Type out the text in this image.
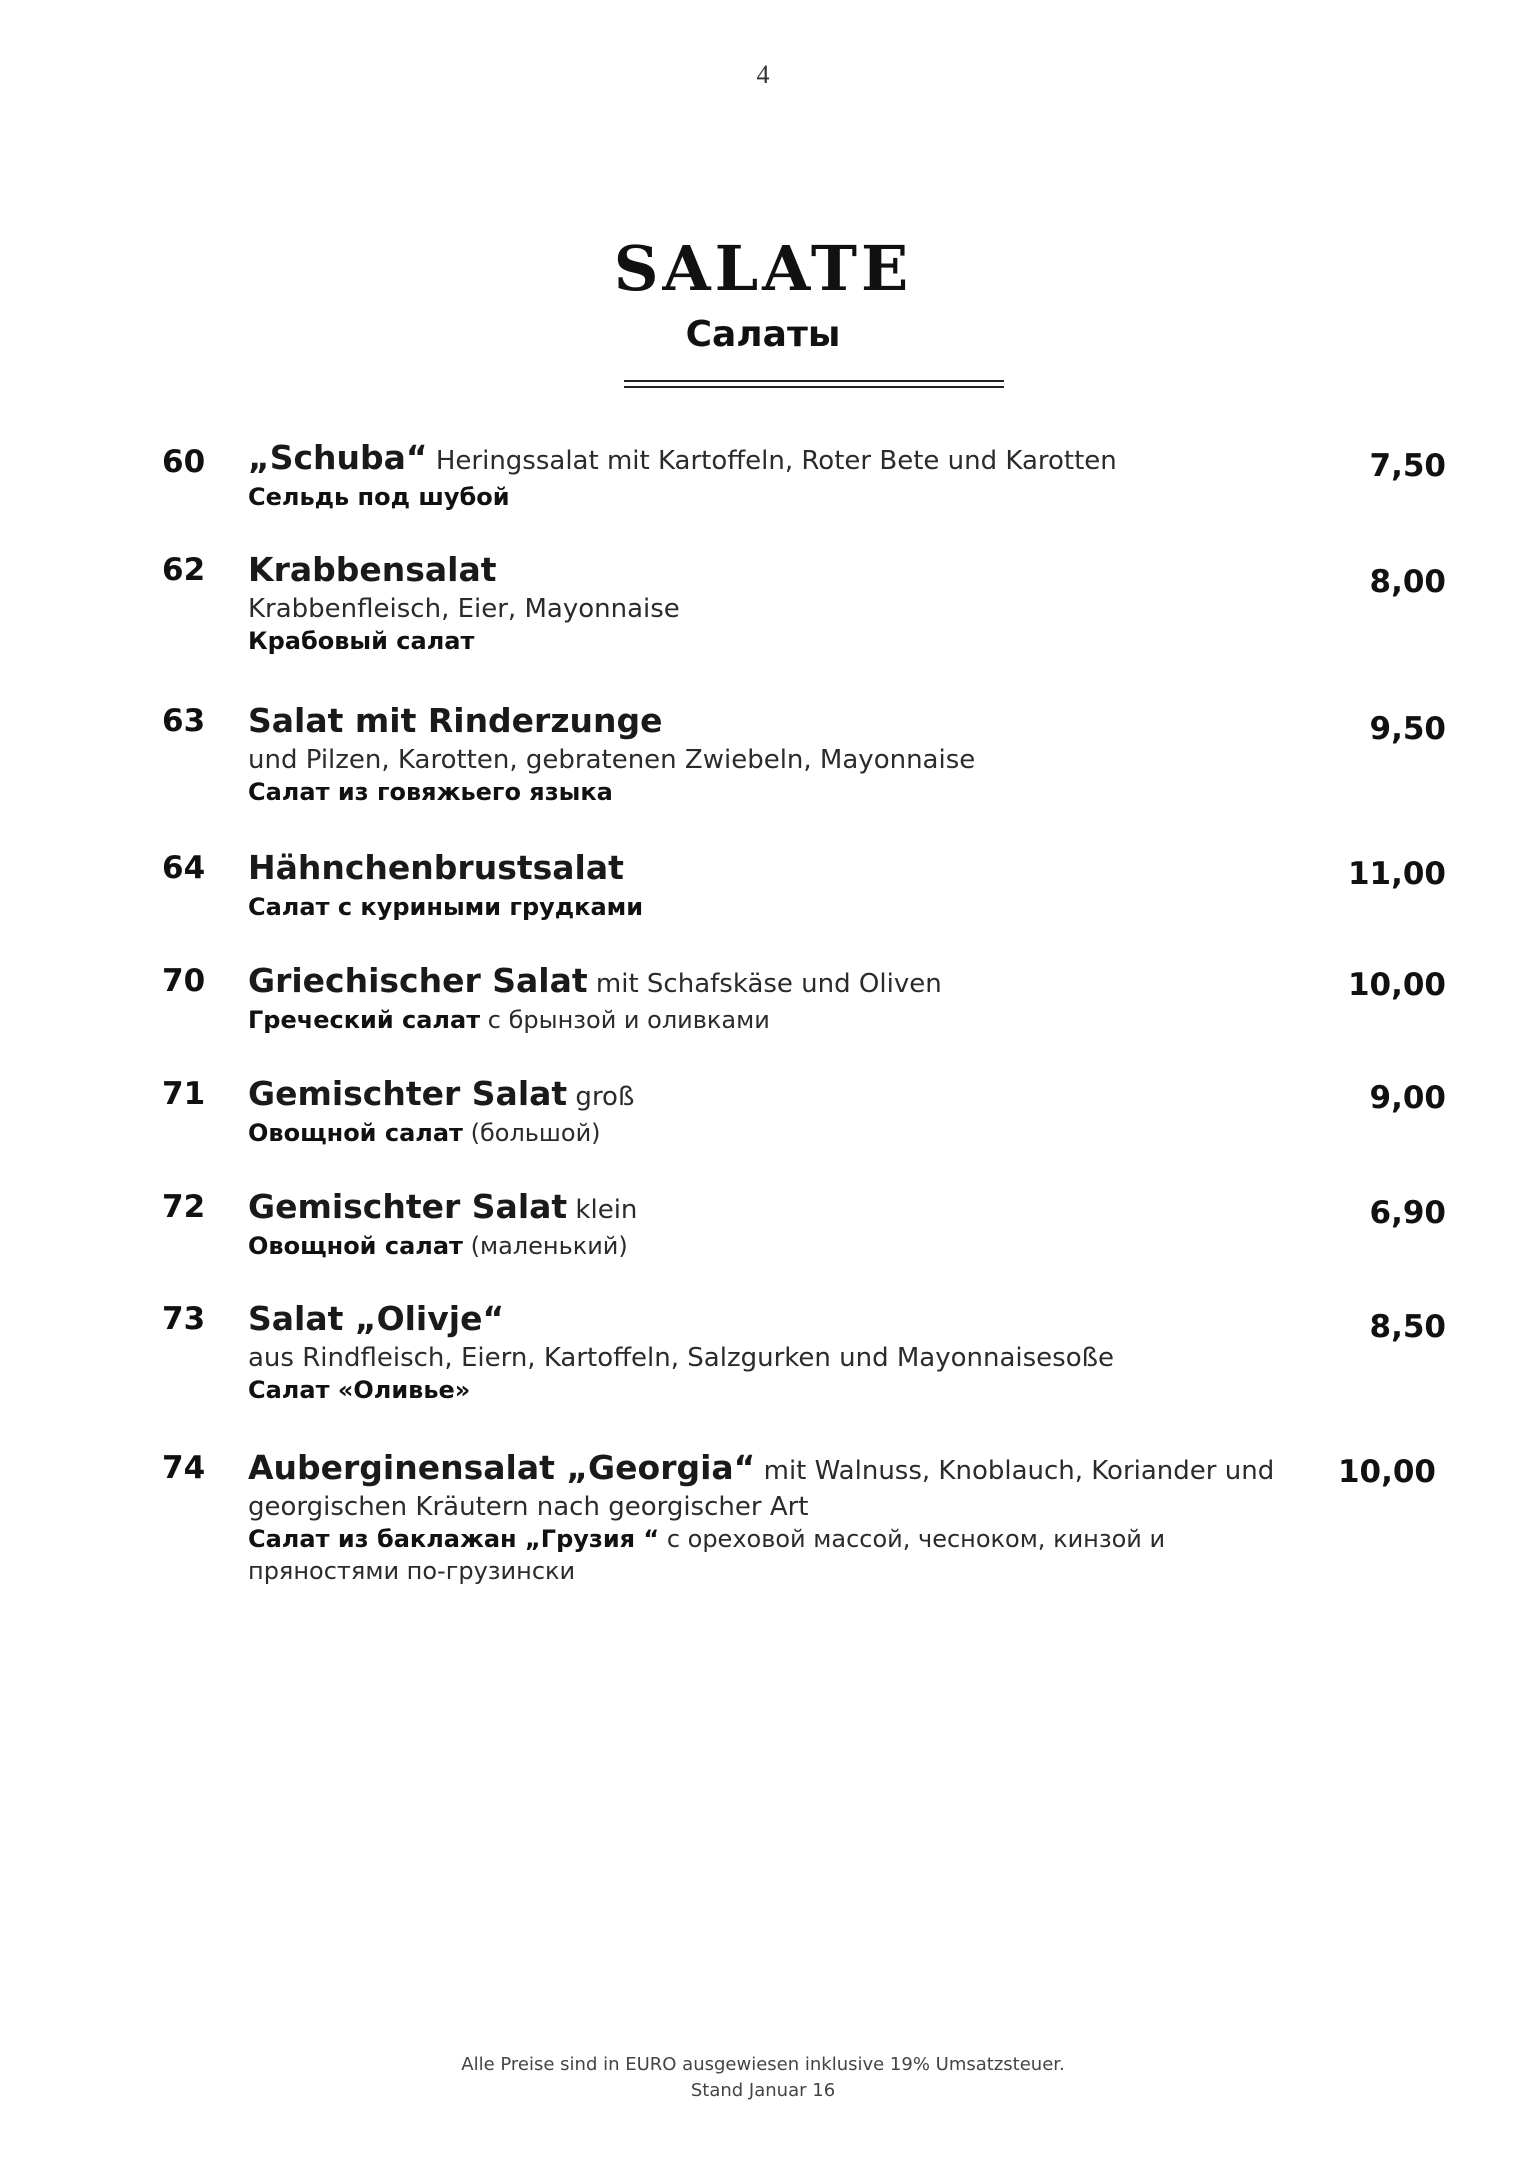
4
SALATE
Салаты
60 „Schuba“ Heringssalat mit Kartoffeln, Roter Bete und Karotten
Сельдь под шубой
7,50
62 Krabbensalat
Krabbenfleisch, Eier, Mayonnaise
Крабовый салат
8,00
63 Salat mit Rinderzunge
und Pilzen, Karotten, gebratenen Zwiebeln, Mayonnaise
Салат из говяжьего языка
9,50
64 Hähnchenbrustsalat
Салат с куриными грудками
11,00
70 Griechischer Salat mit Schafskäse und Oliven
Греческий салат с брынзой и оливками
10,00
71 Gemischter Salat groß
Овощной салат (большой)
9,00
72 Gemischter Salat klein
Овощной салат (маленький)
6,90
73 Salat „Olivje“
aus Rindfleisch, Eiern, Kartoffeln, Salzgurken und Mayonnaisesoße
Салат «Оливье»
8,50
74 Auberginensalat „Georgia“ mit Walnuss, Knoblauch, Koriander und
georgischen Kräutern nach georgischer Art
Салат из баклажан „Грузия “ с ореховой массой, чесноком, кинзой и
пряностями по-грузински
10,00
Alle Preise sind in EURO ausgewiesen inklusive 19% Umsatzsteuer.
Stand Januar 16
